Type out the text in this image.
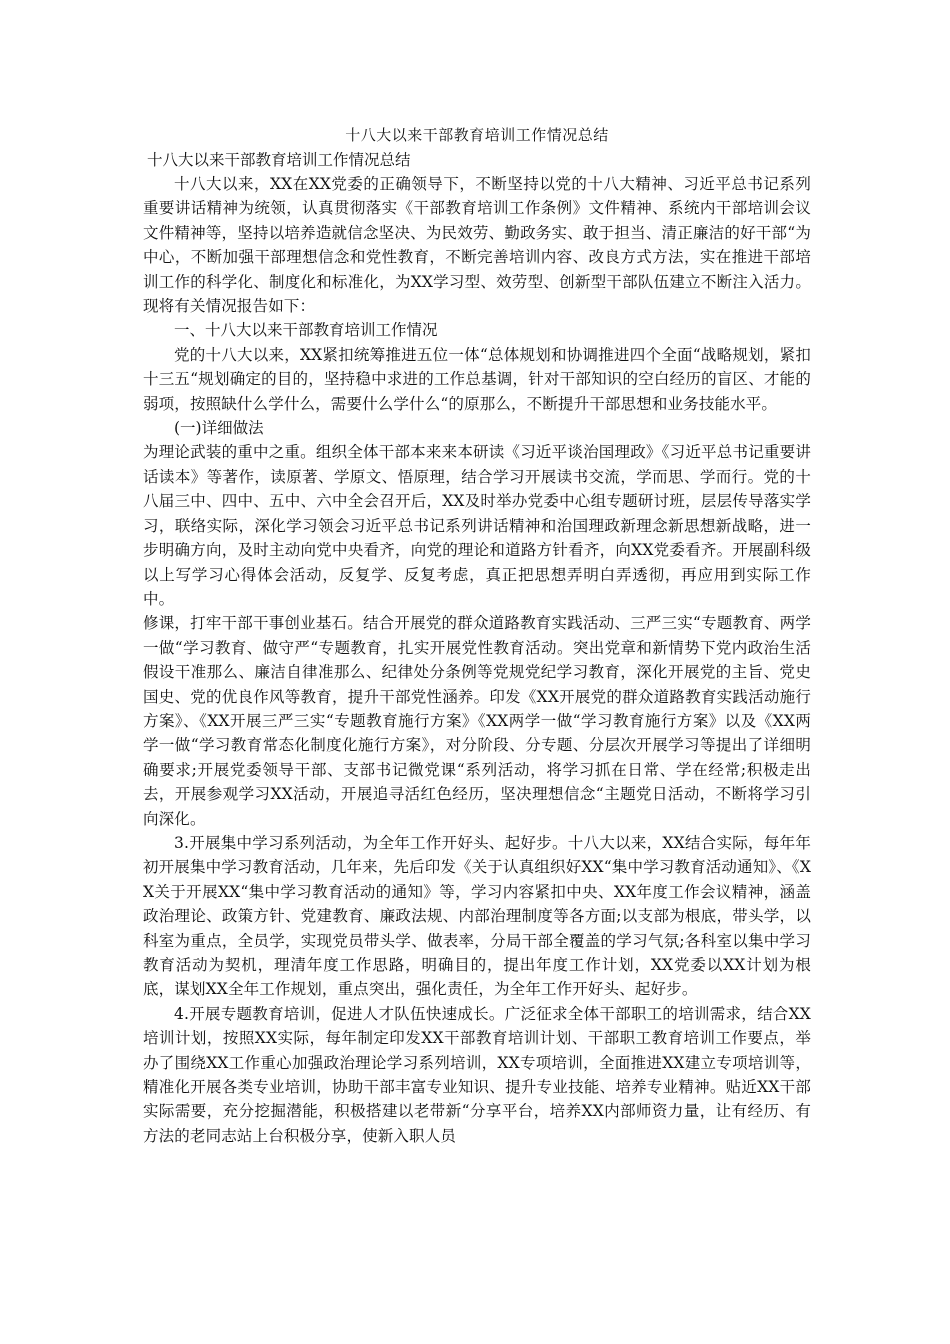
十八大以来干部教育培训工作情况总结

十八大以来干部教育培训工作情况总结

十八大以来，XX在XX党委的正确领导下，不断坚持以党的十八大精神、习近平总书记系列重要讲话精神为统领，认真贯彻落实《干部教育培训工作条例》文件精神、系统内干部培训会议文件精神等，坚持以培养造就信念坚决、为民效劳、勤政务实、敢于担当、清正廉洁的好干部“为中心，不断加强干部理想信念和党性教育，不断完善培训内容、改良方式方法，实在推进干部培训工作的科学化、制度化和标准化，为XX学习型、效劳型、创新型干部队伍建立不断注入活力。现将有关情况报告如下：

一、十八大以来干部教育培训工作情况

党的十八大以来，XX紧扣统筹推进五位一体“总体规划和协调推进四个全面“战略规划，紧扣十三五“规划确定的目的，坚持稳中求进的工作总基调，针对干部知识的空白经历的盲区、才能的弱项，按照缺什么学什么，需要什么学什么“的原那么，不断提升干部思想和业务技能水平。

(一)详细做法

为理论武装的重中之重。组织全体干部本来来本研读《习近平谈治国理政》《习近平总书记重要讲话读本》等著作，读原著、学原文、悟原理，结合学习开展读书交流，学而思、学而行。党的十八届三中、四中、五中、六中全会召开后，XX及时举办党委中心组专题研讨班，层层传导落实学习，联络实际，深化学习领会习近平总书记系列讲话精神和治国理政新理念新思想新战略，进一步明确方向，及时主动向党中央看齐，向党的理论和道路方针看齐，向XX党委看齐。开展副科级以上写学习心得体会活动，反复学、反复考虑，真正把思想弄明白弄透彻，再应用到实际工作中。

修课，打牢干部干事创业基石。结合开展党的群众道路教育实践活动、三严三实“专题教育、两学一做“学习教育、做守严“专题教育，扎实开展党性教育活动。突出党章和新情势下党内政治生活假设干准那么、廉洁自律准那么、纪律处分条例等党规党纪学习教育，深化开展党的主旨、党史国史、党的优良作风等教育，提升干部党性涵养。印发《XX开展党的群众道路教育实践活动施行方案》、《XX开展三严三实“专题教育施行方案》《XX两学一做“学习教育施行方案》以及《XX两学一做“学习教育常态化制度化施行方案》，对分阶段、分专题、分层次开展学习等提出了详细明确要求;开展党委领导干部、支部书记微党课“系列活动，将学习抓在日常、学在经常;积极走出去，开展参观学习XX活动，开展追寻活红色经历，坚决理想信念“主题党日活动，不断将学习引向深化。

3.开展集中学习系列活动，为全年工作开好头、起好步。十八大以来，XX结合实际，每年年初开展集中学习教育活动，几年来，先后印发《关于认真组织好XX“集中学习教育活动通知》、《XX关于开展XX“集中学习教育活动的通知》等，学习内容紧扣中央、XX年度工作会议精神，涵盖政治理论、政策方针、党建教育、廉政法规、内部治理制度等各方面;以支部为根底，带头学，以科室为重点，全员学，实现党员带头学、做表率，分局干部全覆盖的学习气氛;各科室以集中学习教育活动为契机，理清年度工作思路，明确目的，提出年度工作计划，XX党委以XX计划为根底，谋划XX全年工作规划，重点突出，强化责任，为全年工作开好头、起好步。

4.开展专题教育培训，促进人才队伍快速成长。广泛征求全体干部职工的培训需求，结合XX培训计划，按照XX实际，每年制定印发XX干部教育培训计划、干部职工教育培训工作要点，举办了围绕XX工作重心加强政治理论学习系列培训，XX专项培训，全面推进XX建立专项培训等，精准化开展各类专业培训，协助干部丰富专业知识、提升专业技能、培养专业精神。贴近XX干部实际需要，充分挖掘潜能，积极搭建以老带新“分享平台，培养XX内部师资力量，让有经历、有方法的老同志站上台积极分享，使新入职人员
